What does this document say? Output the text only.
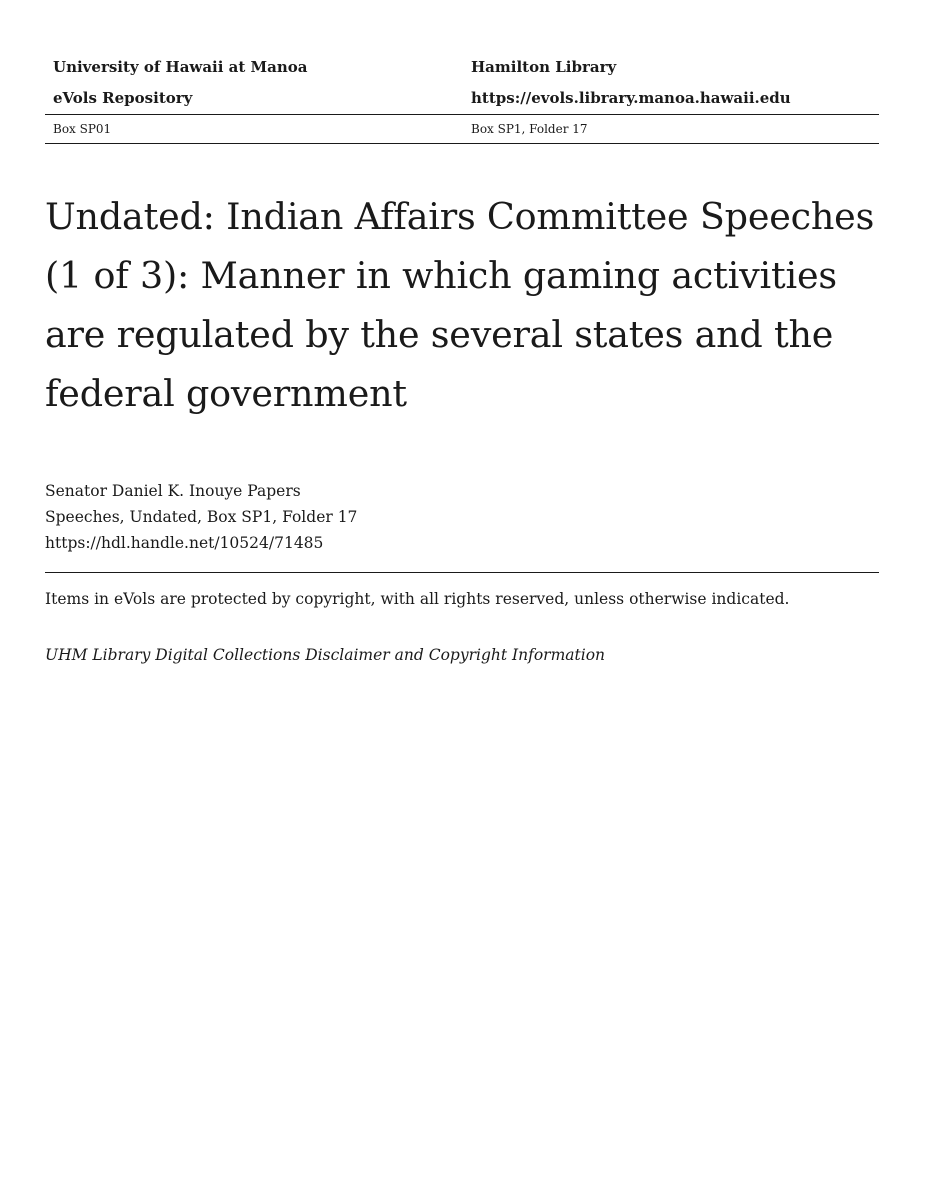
University of Hawaii at Manoa	Hamilton Library
eVols Repository	https://evols.library.manoa.hawaii.edu
Box SP01	Box SP1, Folder 17
Undated: Indian Affairs Committee Speeches (1 of 3): Manner in which gaming activities are regulated by the several states and the federal government
Senator Daniel K. Inouye Papers
Speeches, Undated, Box SP1, Folder 17
https://hdl.handle.net/10524/71485
Items in eVols are protected by copyright, with all rights reserved, unless otherwise indicated.
UHM Library Digital Collections Disclaimer and Copyright Information
